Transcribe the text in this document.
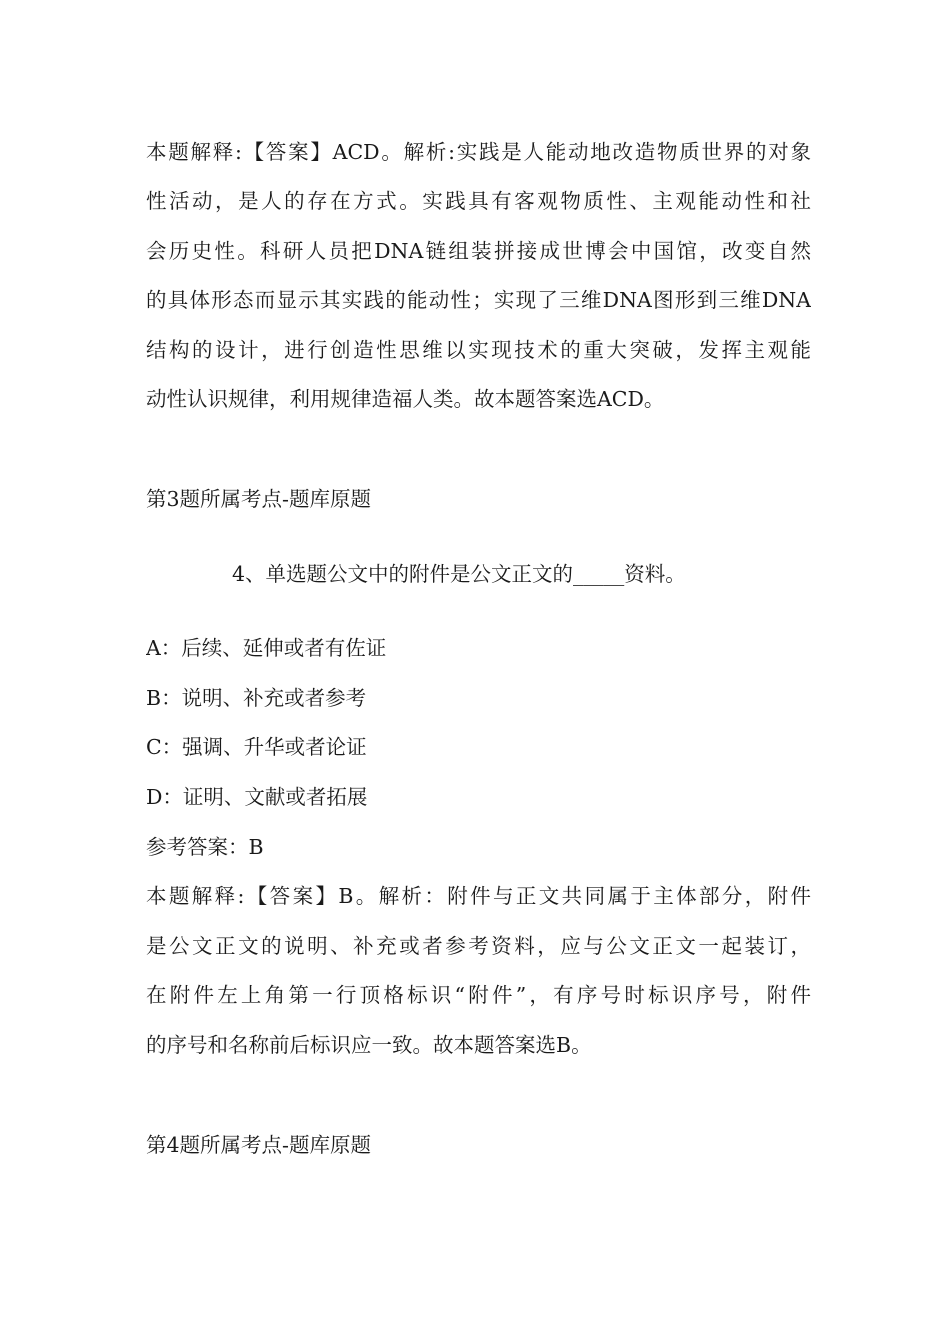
本题解释:【答案】ACD。解析:实践是人能动地改造物质世界的对象
性活动，是人的存在方式。实践具有客观物质性、主观能动性和社
会历史性。科研人员把DNA链组装拼接成世博会中国馆，改变自然
的具体形态而显示其实践的能动性；实现了三维DNA图形到三维DNA
结构的设计，进行创造性思维以实现技术的重大突破，发挥主观能
动性认识规律，利用规律造福人类。故本题答案选ACD。
第3题所属考点-题库原题
4、单选题公文中的附件是公文正文的_____资料。
A：后续、延伸或者有佐证
B：说明、补充或者参考
C：强调、升华或者论证
D：证明、文献或者拓展
参考答案：B
本题解释:【答案】B。解析：附件与正文共同属于主体部分，附件
是公文正文的说明、补充或者参考资料，应与公文正文一起装订，
在附件左上角第一行顶格标识“附件”，有序号时标识序号，附件
的序号和名称前后标识应一致。故本题答案选B。
第4题所属考点-题库原题
